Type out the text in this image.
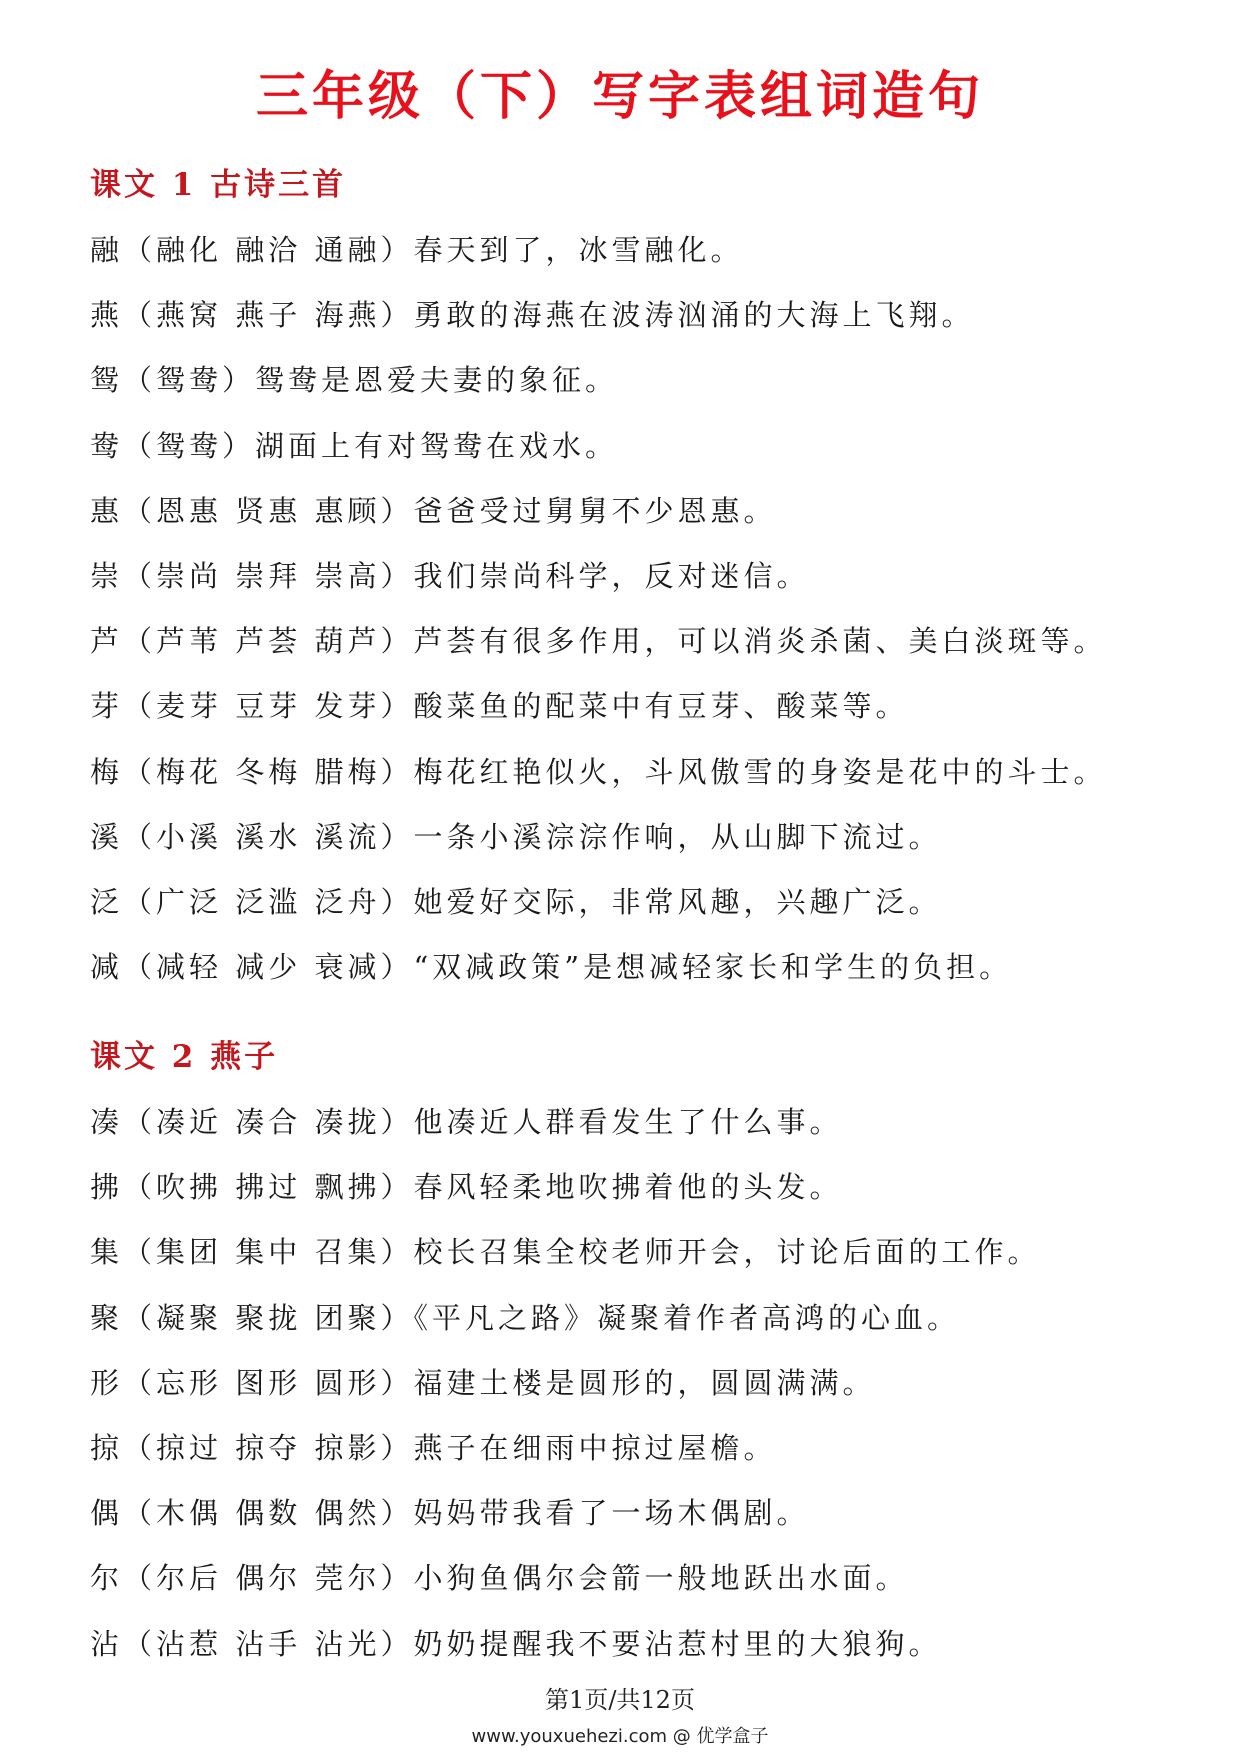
三年级（下）写字表组词造句
课文 1 古诗三首
融（融化 融洽 通融）春天到了，冰雪融化。
燕（燕窝 燕子 海燕）勇敢的海燕在波涛汹涌的大海上飞翔。
鸳（鸳鸯）鸳鸯是恩爱夫妻的象征。
鸯（鸳鸯）湖面上有对鸳鸯在戏水。
惠（恩惠 贤惠 惠顾）爸爸受过舅舅不少恩惠。
崇（崇尚 崇拜 崇高）我们崇尚科学，反对迷信。
芦（芦苇 芦荟 葫芦）芦荟有很多作用，可以消炎杀菌、美白淡斑等。
芽（麦芽 豆芽 发芽）酸菜鱼的配菜中有豆芽、酸菜等。
梅（梅花 冬梅 腊梅）梅花红艳似火，斗风傲雪的身姿是花中的斗士。
溪（小溪 溪水 溪流）一条小溪淙淙作响，从山脚下流过。
泛（广泛 泛滥 泛舟）她爱好交际，非常风趣，兴趣广泛。
减（减轻 减少 衰减）“双减政策”是想减轻家长和学生的负担。
课文 2 燕子
凑（凑近 凑合 凑拢）他凑近人群看发生了什么事。
拂（吹拂 拂过 飘拂）春风轻柔地吹拂着他的头发。
集（集团 集中 召集）校长召集全校老师开会，讨论后面的工作。
聚（凝聚 聚拢 团聚）《平凡之路》凝聚着作者高鸿的心血。
形（忘形 图形 圆形）福建土楼是圆形的，圆圆满满。
掠（掠过 掠夺 掠影）燕子在细雨中掠过屋檐。
偶（木偶 偶数 偶然）妈妈带我看了一场木偶剧。
尔（尔后 偶尔 莞尔）小狗鱼偶尔会箭一般地跃出水面。
沾（沾惹 沾手 沾光）奶奶提醒我不要沾惹村里的大狼狗。
第1页/共12页
www.youxuehezi.com @ 优学盒子
